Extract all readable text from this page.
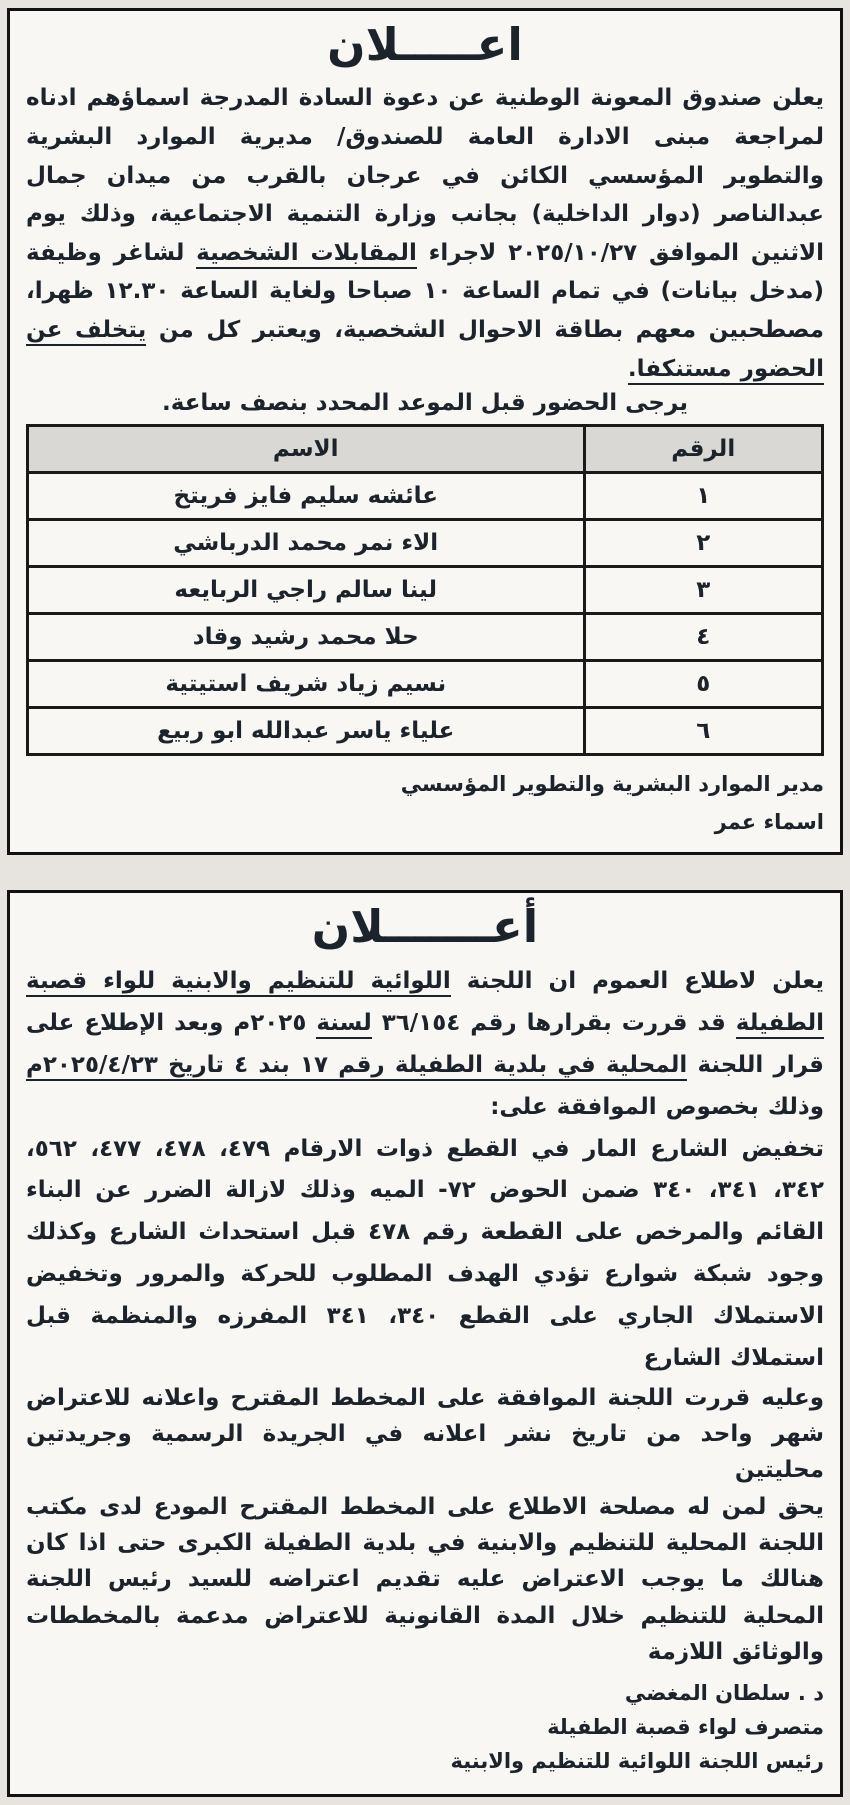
اعـــــلان

يعلن صندوق المعونة الوطنية عن دعوة السادة المدرجة اسماؤهم ادناه لمراجعة مبنى الادارة العامة للصندوق/ مديرية الموارد البشرية والتطوير المؤسسي الكائن في عرجان بالقرب من ميدان جمال عبدالناصر (دوار الداخلية) بجانب وزارة التنمية الاجتماعية، وذلك يوم الاثنين الموافق ٢٠٢٥/١٠/٢٧ لاجراء المقابلات الشخصية لشاغر وظيفة (مدخل بيانات) في تمام الساعة ١٠ صباحا ولغاية الساعة ١٢.٣٠ ظهرا، مصطحبين معهم بطاقة الاحوال الشخصية، ويعتبر كل من يتخلف عن الحضور مستنكفا.

يرجى الحضور قبل الموعد المحدد بنصف ساعة.

الرقم	الاسم
١	عائشه سليم فايز فريتخ
٢	الاء نمر محمد الدرباشي
٣	لينا سالم راجي الربايعه
٤	حلا محمد رشيد وقاد
٥	نسيم زياد شريف استيتية
٦	علياء ياسر عبدالله ابو ربيع
مدير الموارد البشرية والتطوير المؤسسي
اسماء عمر
أعـــــــلان

يعلن لاطلاع العموم ان اللجنة اللوائية للتنظيم والابنية للواء قصبة الطفيلة قد قررت بقرارها رقم ٣٦/١٥٤ لسنة ٢٠٢٥م وبعد الإطلاع على قرار اللجنة المحلية في بلدية الطفيلة رقم ١٧ بند ٤ تاريخ ٢٠٢٥/٤/٢٣م وذلك بخصوص الموافقة على:

تخفيض الشارع المار في القطع ذوات الارقام ٤٧٩، ٤٧٨، ٤٧٧، ٥٦٢، ٣٤٢، ٣٤١، ٣٤٠ ضمن الحوض ٧٢- الميه وذلك لازالة الضرر عن البناء القائم والمرخص على القطعة رقم ٤٧٨ قبل استحداث الشارع وكذلك وجود شبكة شوارع تؤدي الهدف المطلوب للحركة والمرور وتخفيض الاستملاك الجاري على القطع ٣٤٠، ٣٤١ المفرزه والمنظمة قبل استملاك الشارع

وعليه قررت اللجنة الموافقة على المخطط المقترح واعلانه للاعتراض شهر واحد من تاريخ نشر اعلانه في الجريدة الرسمية وجريدتين محليتين

يحق لمن له مصلحة الاطلاع على المخطط المقترح المودع لدى مكتب اللجنة المحلية للتنظيم والابنية في بلدية الطفيلة الكبرى حتى اذا كان هنالك ما يوجب الاعتراض عليه تقديم اعتراضه للسيد رئيس اللجنة المحلية للتنظيم خلال المدة القانونية للاعتراض مدعمة بالمخططات والوثائق اللازمة

د . سلطان المغضي
متصرف لواء قصبة الطفيلة
رئيس اللجنة اللوائية للتنظيم والابنية
